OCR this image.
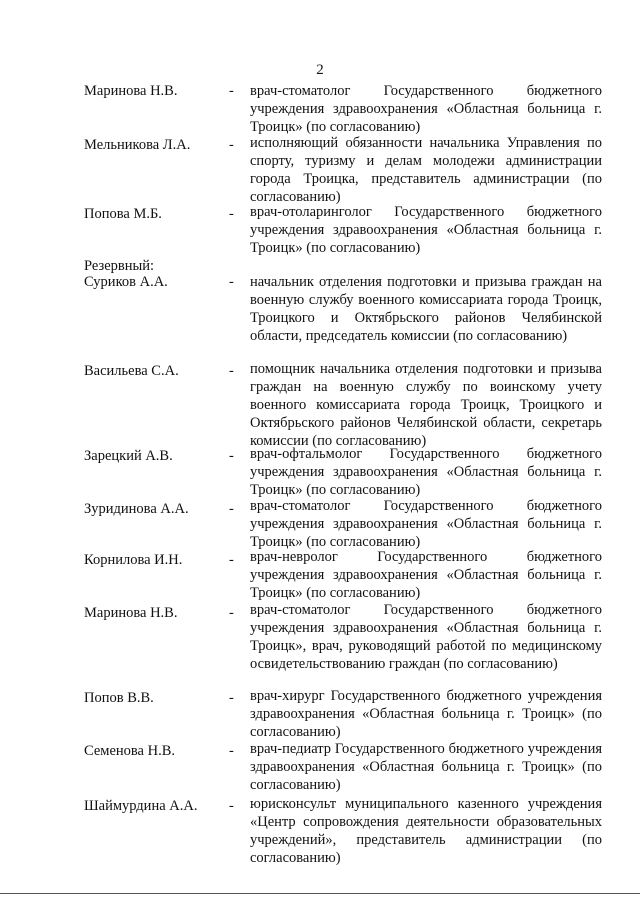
2
Маринова Н.В.	- врач-стоматолог Государственного бюджетного учреждения здравоохранения «Областная больница г. Троицк» (по согласованию)
Мельникова Л.А.	- исполняющий обязанности начальника Управления по спорту, туризму и делам молодежи администрации города Троицка, представитель администрации (по согласованию)
Попова М.Б.	- врач-отоларинголог Государственного бюджетного учреждения здравоохранения «Областная больница г. Троицк» (по согласованию)
Резервный:
Суриков А.А.	- начальник отделения подготовки и призыва граждан на военную службу военного комиссариата города Троицк, Троицкого и Октябрьского районов Челябинской области, председатель комиссии (по согласованию)
Васильева С.А.	- помощник начальника отделения подготовки и призыва граждан на военную службу по воинскому учету военного комиссариата города Троицк, Троицкого и Октябрьского районов Челябинской области, секретарь комиссии (по согласованию)
Зарецкий А.В.	- врач-офтальмолог Государственного бюджетного учреждения здравоохранения «Областная больница г. Троицк» (по согласованию)
Зуридинова А.А.	- врач-стоматолог Государственного бюджетного учреждения здравоохранения «Областная больница г. Троицк» (по согласованию)
Корнилова И.Н.	- врач-невролог Государственного бюджетного учреждения здравоохранения «Областная больница г. Троицк» (по согласованию)
Маринова Н.В.	- врач-стоматолог Государственного бюджетного учреждения здравоохранения «Областная больница г. Троицк», врач, руководящий работой по медицинскому освидетельствованию граждан (по согласованию)
Попов В.В.	- врач-хирург Государственного бюджетного учреждения здравоохранения «Областная больница г. Троицк» (по согласованию)
Семенова Н.В.	- врач-педиатр Государственного бюджетного учреждения здравоохранения «Областная больница г. Троицк» (по согласованию)
Шаймурдина А.А. - юрисконсульт муниципального казенного учреждения «Центр сопровождения деятельности образовательных учреждений», представитель администрации (по согласованию)
